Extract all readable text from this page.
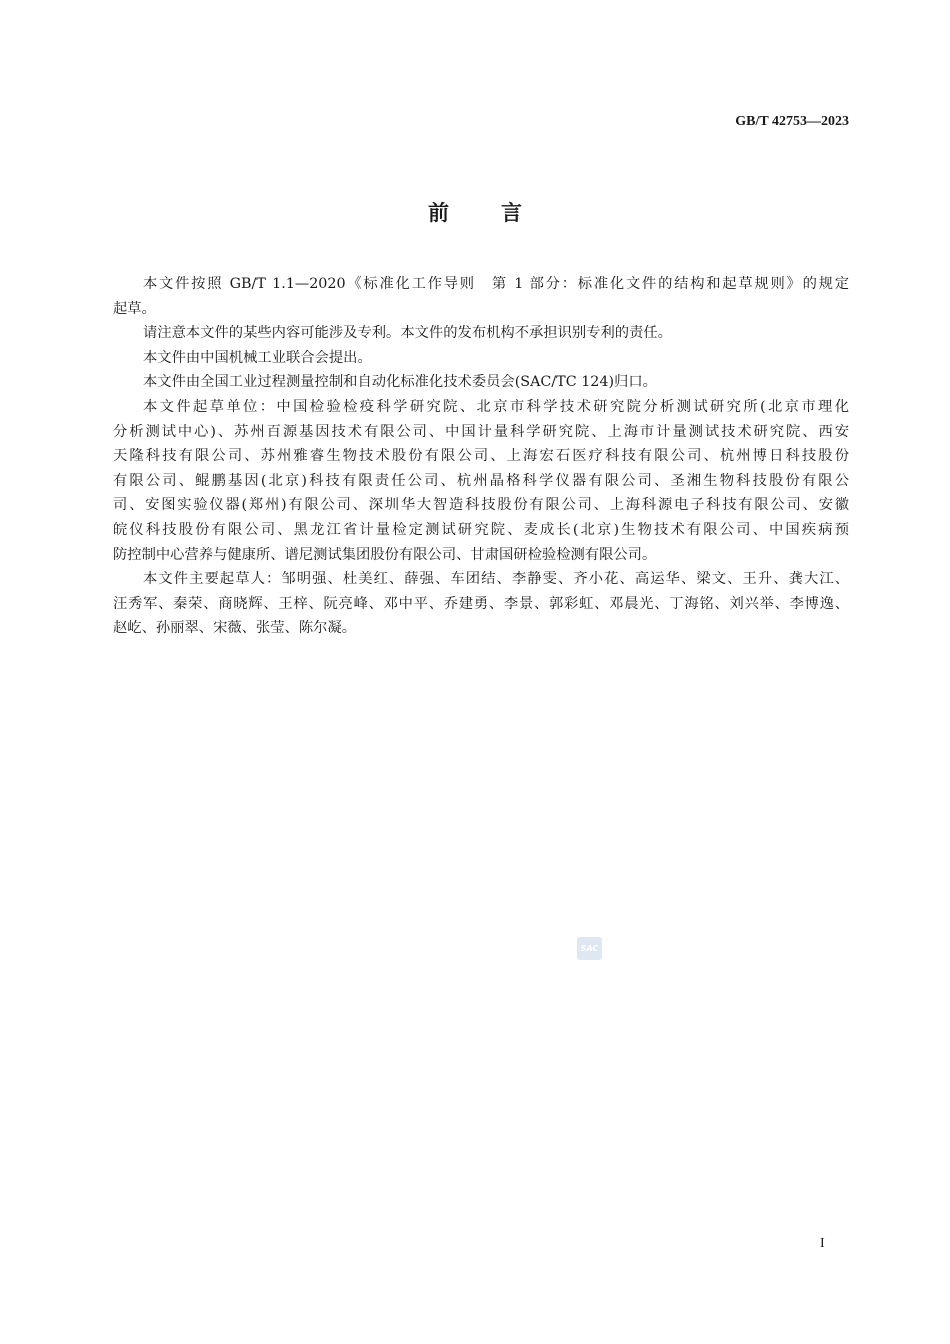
GB/T 42753—2023
前言
本文件按照 GB/T 1.1—2020《标准化工作导则　第 1 部分：标准化文件的结构和起草规则》的规定
起草。
请注意本文件的某些内容可能涉及专利。本文件的发布机构不承担识别专利的责任。
本文件由中国机械工业联合会提出。
本文件由全国工业过程测量控制和自动化标准化技术委员会(SAC/TC 124)归口。
本文件起草单位：中国检验检疫科学研究院、北京市科学技术研究院分析测试研究所(北京市理化
分析测试中心)、苏州百源基因技术有限公司、中国计量科学研究院、上海市计量测试技术研究院、西安
天隆科技有限公司、苏州雅睿生物技术股份有限公司、上海宏石医疗科技有限公司、杭州博日科技股份
有限公司、鲲鹏基因(北京)科技有限责任公司、杭州晶格科学仪器有限公司、圣湘生物科技股份有限公
司、安图实验仪器(郑州)有限公司、深圳华大智造科技股份有限公司、上海科源电子科技有限公司、安徽
皖仪科技股份有限公司、黑龙江省计量检定测试研究院、麦成长(北京)生物技术有限公司、中国疾病预
防控制中心营养与健康所、谱尼测试集团股份有限公司、甘肃国研检验检测有限公司。
本文件主要起草人：邹明强、杜美红、薛强、车团结、李静雯、齐小花、高运华、梁文、王升、龚大江、
汪秀军、秦荣、商晓辉、王梓、阮亮峰、邓中平、乔建勇、李景、郭彩虹、邓晨光、丁海铭、刘兴举、李博逸、
赵屹、孙丽翠、宋薇、张莹、陈尔凝。
SAC
I
